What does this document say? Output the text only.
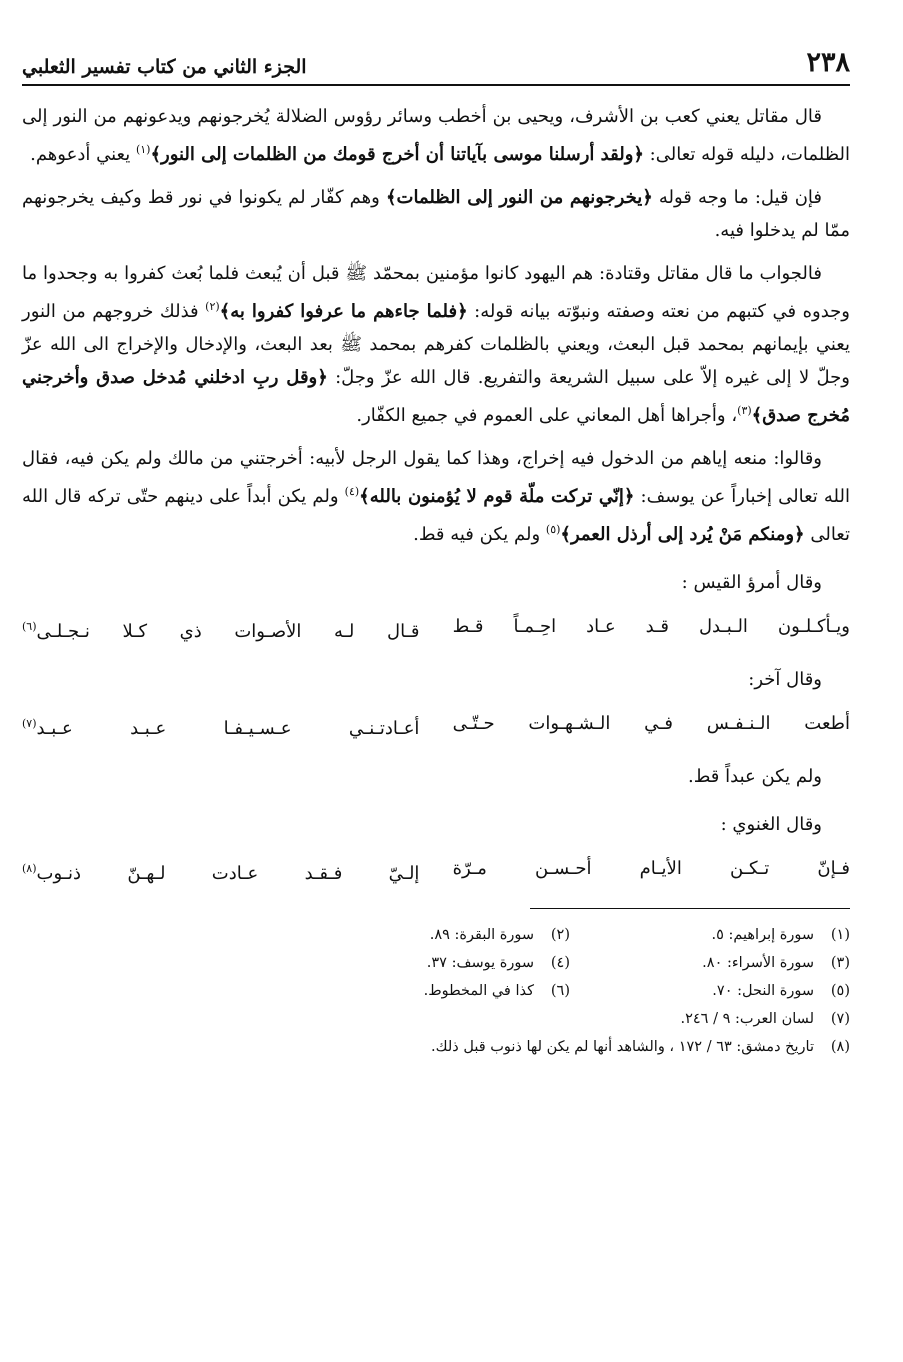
٢٣٨
الجزء الثاني من كتاب تفسير الثعلبي

قال مقاتل يعني كعب بن الأشرف، ويحيى بن أخطب وسائر رؤوس الضلالة يُخرجونهم ويدعونهم من النور إلى الظلمات، دليله قوله تعالى: ﴿ولقد أرسلنا موسى بآياتنا أن أخرج قومك من الظلمات إلى النور﴾$^{(١)}$ يعني أدعوهم.

فإن قيل: ما وجه قوله ﴿يخرجونهم من النور إلى الظلمات﴾ وهم كفّار لم يكونوا في نور قط وكيف يخرجونهم ممّا لم يدخلوا فيه.

فالجواب ما قال مقاتل وقتادة: هم اليهود كانوا مؤمنين بمحمّد ﷺ قبل أن يُبعث فلما بُعث كفروا به وجحدوا ما وجدوه في كتبهم من نعته وصفته ونبوّته بيانه قوله: ﴿فلما جاءهم ما عرفوا كفروا به﴾$^{(٢)}$ فذلك خروجهم من النور يعني بإيمانهم بمحمد قبل البعث، ويعني بالظلمات كفرهم بمحمد ﷺ بعد البعث، والإدخال والإخراج الى الله عزّ وجلّ لا إلى غيره إلاّ على سبيل الشريعة والتفريع. قال الله عزّ وجلّ: ﴿وقل ربِ ادخلني مُدخل صدق وأخرجني مُخرج صدق﴾$^{(٣)}$، وأجراها أهل المعاني على العموم في جميع الكفّار.

وقالوا: منعه إياهم من الدخول فيه إخراج، وهذا كما يقول الرجل لأبيه: أخرجتني من مالك ولم يكن فيه، فقال الله تعالى إخباراً عن يوسف: ﴿إنّي تركت ملّة قوم لا يُؤمنون بالله﴾$^{(٤)}$ ولم يكن أبداً على دينهم حتّى تركه قال الله تعالى ﴿ومنكم مَنْ يُرد إلى أرذل العمر﴾$^{(٥)}$ ولم يكن فيه قط.

وقال أمرؤ القيس :
ويـأكـلـون الـبـدل قـد عـاد احِـمـاً قـط
قـال لـه الأصـوات ذي كـلا نـجـلـى$^{(٦)}$
وقال آخر:
أطعت الـنـفـس فـي الـشـهـوات حـتّـى
أعـادتـنـي عـسـيـفـا عـبـد عـبـد$^{(٧)}$
ولم يكن عبداً قط.
وقال الغنوي :
فـإنّ تـكـن الأيـام أحـسـن مـرّة
إلـيّ فـقـد عـادت لـهـنّ ذنـوب$^{(٨)}$
(١)سورة إبراهيم: ٥.
(٢)سورة البقرة: ٨٩.
(٣)سورة الأسراء: ٨٠.
(٤)سورة يوسف: ٣٧.
(٥)سورة النحل: ٧٠.
(٦)كذا في المخطوط.
(٧)لسان العرب: ٩ / ٢٤٦.
(٨)تاريخ دمشق: ٦٣ / ١٧٢ ، والشاهد أنها لم يكن لها ذنوب قبل ذلك.
